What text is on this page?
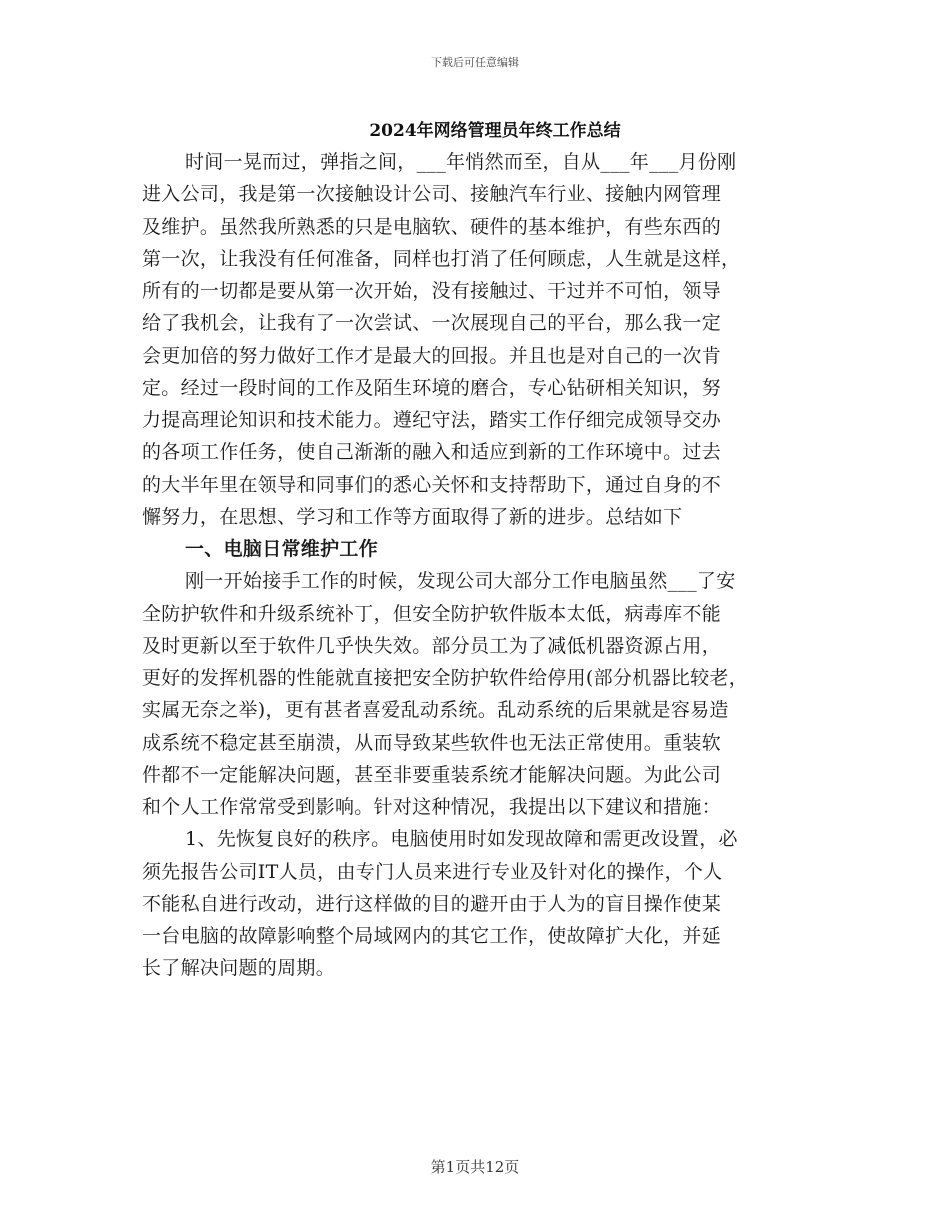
下载后可任意编辑
2024年网络管理员年终工作总结
时间一晃而过，弹指之间，___年悄然而至，自从___年___月份刚
进入公司，我是第一次接触设计公司、接触汽车行业、接触内网管理
及维护。虽然我所熟悉的只是电脑软、硬件的基本维护，有些东西的
第一次，让我没有任何准备，同样也打消了任何顾虑，人生就是这样，
所有的一切都是要从第一次开始，没有接触过、干过并不可怕，领导
给了我机会，让我有了一次尝试、一次展现自己的平台，那么我一定
会更加倍的努力做好工作才是最大的回报。并且也是对自己的一次肯
定。经过一段时间的工作及陌生环境的磨合，专心钻研相关知识，努
力提高理论知识和技术能力。遵纪守法，踏实工作仔细完成领导交办
的各项工作任务，使自己渐渐的融入和适应到新的工作环境中。过去
的大半年里在领导和同事们的悉心关怀和支持帮助下，通过自身的不
懈努力，在思想、学习和工作等方面取得了新的进步。总结如下
一、电脑日常维护工作
刚一开始接手工作的时候，发现公司大部分工作电脑虽然___了安
全防护软件和升级系统补丁，但安全防护软件版本太低，病毒库不能
及时更新以至于软件几乎快失效。部分员工为了减低机器资源占用，
更好的发挥机器的性能就直接把安全防护软件给停用(部分机器比较老，
实属无奈之举)，更有甚者喜爱乱动系统。乱动系统的后果就是容易造
成系统不稳定甚至崩溃，从而导致某些软件也无法正常使用。重装软
件都不一定能解决问题，甚至非要重装系统才能解决问题。为此公司
和个人工作常常受到影响。针对这种情况，我提出以下建议和措施：
1、先恢复良好的秩序。电脑使用时如发现故障和需更改设置，必
须先报告公司IT人员，由专门人员来进行专业及针对化的操作，个人
不能私自进行改动，进行这样做的目的避开由于人为的盲目操作使某
一台电脑的故障影响整个局域网内的其它工作，使故障扩大化，并延
长了解决问题的周期。
第1页共12页
